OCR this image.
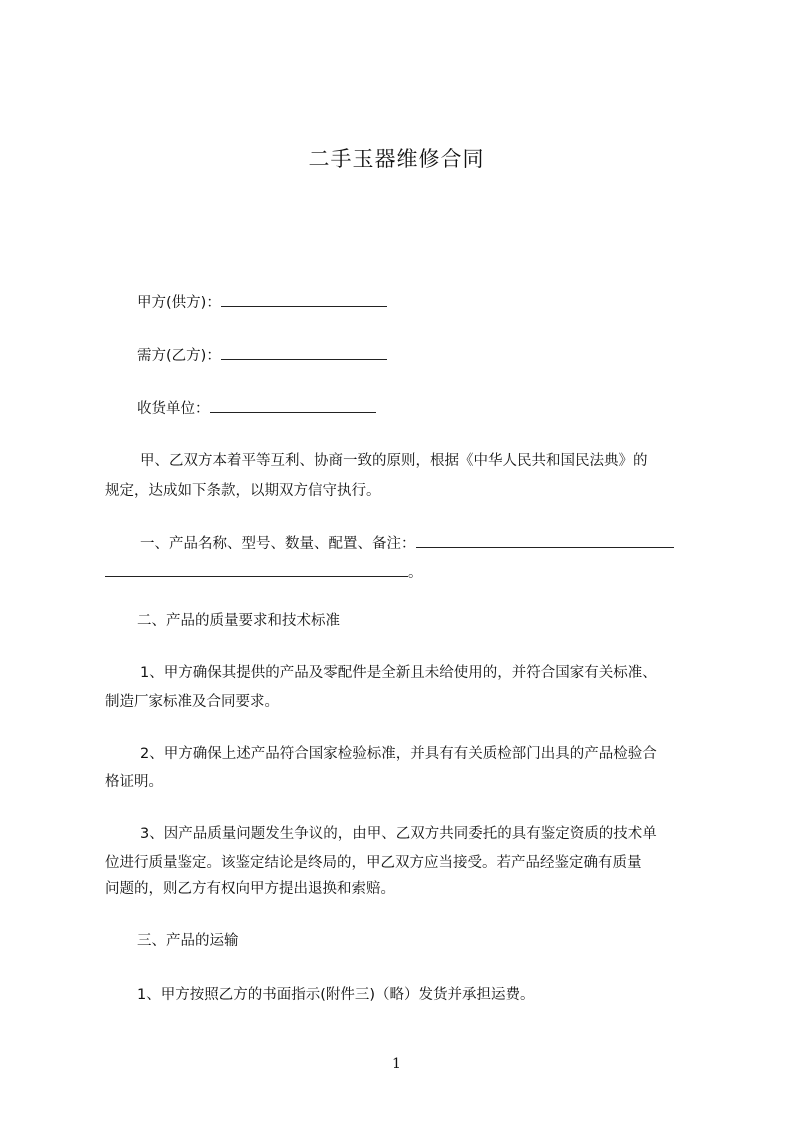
二手玉器维修合同
甲方(供方)：
需方(乙方)：
收货单位：
甲、乙双方本着平等互利、协商一致的原则，根据《中华人民共和国民法典》的
规定，达成如下条款，以期双方信守执行。
一、产品名称、型号、数量、配置、备注：
。
二、产品的质量要求和技术标准
1、甲方确保其提供的产品及零配件是全新且未给使用的，并符合国家有关标准、
制造厂家标准及合同要求。
2、甲方确保上述产品符合国家检验标准，并具有有关质检部门出具的产品检验合
格证明。
3、因产品质量问题发生争议的，由甲、乙双方共同委托的具有鉴定资质的技术单
位进行质量鉴定。该鉴定结论是终局的，甲乙双方应当接受。若产品经鉴定确有质量
问题的，则乙方有权向甲方提出退换和索赔。
三、产品的运输
1、甲方按照乙方的书面指示(附件三)（略）发货并承担运费。
1
